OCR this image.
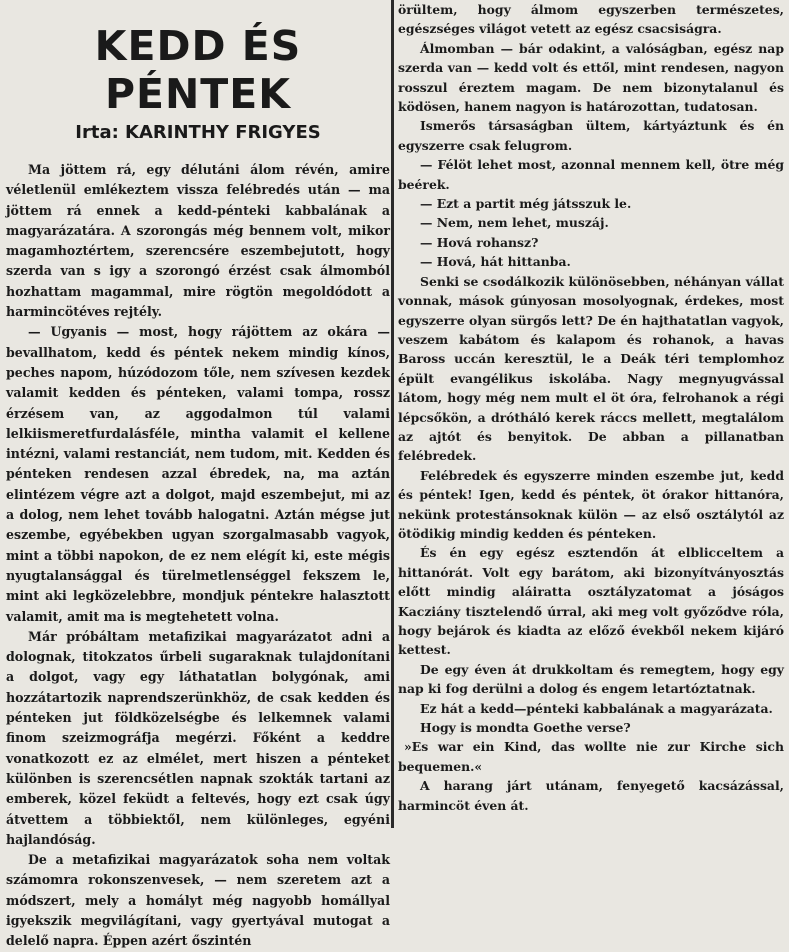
KEDD ÉS PÉNTEK
Irta: KARINTHY FRIGYES

Ma jöttem rá, egy délutáni álom révén, amire véletlenül emlékeztem vissza felébredés után — ma jöttem rá ennek a kedd-pénteki kabbalának a magyarázatára. A szorongás még bennem volt, mikor magamhoztértem, szerencsére eszembejutott, hogy szerda van s igy a szorongó érzést csak álmomból hozhattam magammal, mire rögtön megoldódott a harmincötéves rejtély.

— Ugyanis — most, hogy rájöttem az okára — bevallhatom, kedd és péntek nekem mindig kínos, peches napom, húzódozom tőle, nem szívesen kezdek valamit kedden és pénteken, valami tompa, rossz érzésem van, az aggodalmon túl valami lelkiismeretfurdalásféle, mintha valamit el kellene intézni, valami restanciát, nem tudom, mit. Kedden és pénteken rendesen azzal ébredek, na, ma aztán elintézem végre azt a dolgot, majd eszembejut, mi az a dolog, nem lehet tovább halogatni. Aztán mégse jut eszembe, egyébekben ugyan szorgalmasabb vagyok, mint a többi napokon, de ez nem elégít ki, este mégis nyugtalansággal és türelmetlenséggel fekszem le, mint aki legközelebbre, mondjuk péntekre halasztott valamit, amit ma is megtehetett volna.

Már próbáltam metafizikai magyarázatot adni a dolognak, titokzatos űrbeli sugaraknak tulajdonítani a dolgot, vagy egy láthatatlan bolygónak, ami hozzátartozik naprendszerünkhöz, de csak kedden és pénteken jut földközelségbe és lelkemnek valami finom szeizmográfja megérzi. Főként a keddre vonatkozott ez az elmélet, mert hiszen a pénteket különben is szerencsétlen napnak szokták tartani az emberek, közel feküdt a feltevés, hogy ezt csak úgy átvettem a többiektől, nem különleges, egyéni hajlandóság.

De a metafizikai magyarázatok soha nem voltak számomra rokonszenvesek, — nem szeretem azt a módszert, mely a homályt még nagyobb homállyal igyekszik megvilágítani, vagy gyertyával mutogat a delelő napra. Éppen azért őszintén

örültem, hogy álmom egyszerben természetes, egészséges világot vetett az egész csacsiságra.

Álmomban — bár odakint, a valóságban, egész nap szerda van — kedd volt és ettől, mint rendesen, nagyon rosszul éreztem magam. De nem bizonytalanul és ködösen, hanem nagyon is határozottan, tudatosan.

Ismerős társaságban ültem, kártyáztunk és én egyszerre csak felugrom.

— Félöt lehet most, azonnal mennem kell, ötre még beérek.

— Ezt a partit még játsszuk le.

— Nem, nem lehet, muszáj.

— Hová rohansz?

— Hová, hát hittanba.

Senki se csodálkozik különösebben, néhányan vállat vonnak, mások gúnyosan mosolyognak, érdekes, most egyszerre olyan sürgős lett? De én hajthatatlan vagyok, veszem kabátom és kalapom és rohanok, a havas Baross uccán keresztül, le a Deák téri templomhoz épült evangélikus iskolába. Nagy megnyugvással látom, hogy még nem mult el öt óra, felrohanok a régi lépcsőkön, a drótháló kerek ráccs mellett, megtalálom az ajtót és benyitok. De abban a pillanatban felébredek.

Felébredek és egyszerre minden eszembe jut, kedd és péntek! Igen, kedd és péntek, öt órakor hittanóra, nekünk protestánsoknak külön — az első osztálytól az ötödikig mindig kedden és pénteken.

És én egy egész esztendőn át elblicceltem a hittanórát. Volt egy barátom, aki bizonyítványosztás előtt mindig aláiratta osztályzatomat a jóságos Kacziány tisztelendő úrral, aki meg volt győződve róla, hogy bejárok és kiadta az előző évekből nekem kijáró kettest.

De egy éven át drukkoltam és remegtem, hogy egy nap ki fog derülni a dolog és engem letartóztatnak.

Ez hát a kedd—pénteki kabbalának a magyarázata.

Hogy is mondta Goethe verse?

»Es war ein Kind, das wollte nie zur Kirche sich bequemen.«

A harang járt utánam, fenyegető kacsázással, harmincöt éven át.
